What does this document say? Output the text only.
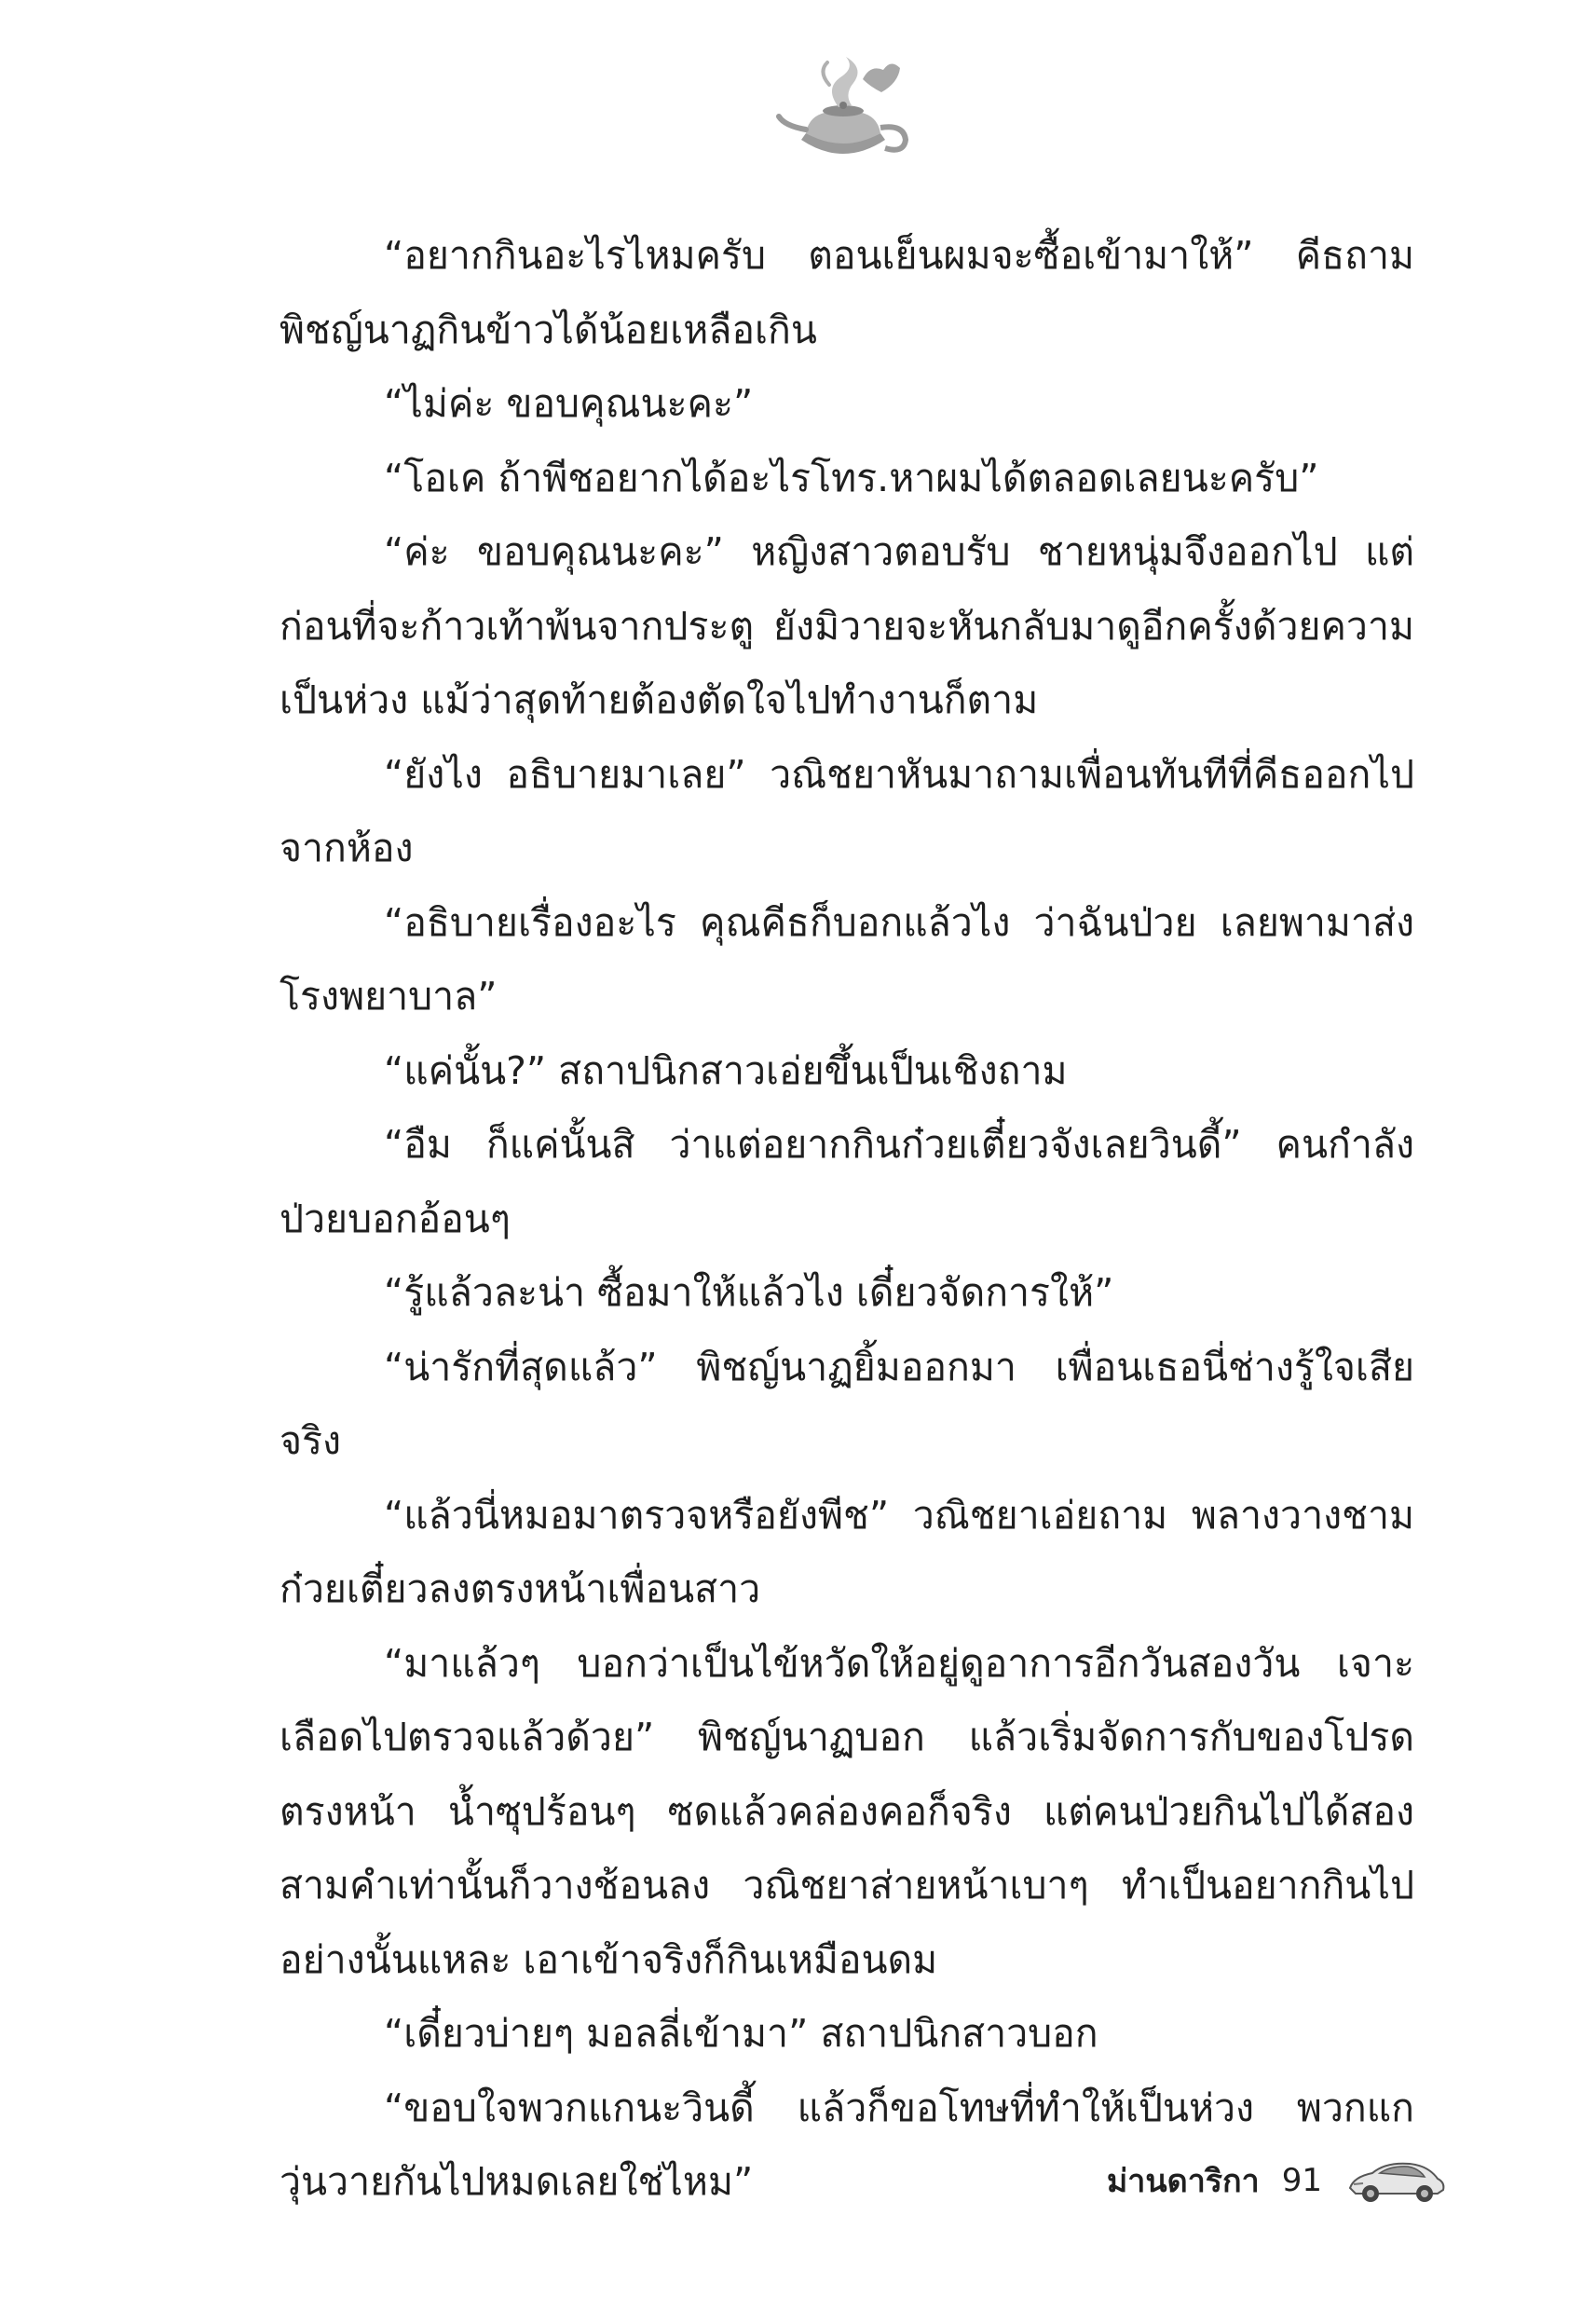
“อยากกินอะไรไหมครับ ตอนเย็นผมจะซื้อเข้ามาให้” คีธถามพิชญ์นาฏกินข้าวได้น้อยเหลือเกิน

“ไม่ค่ะ ขอบคุณนะคะ”

“โอเค ถ้าพีชอยากได้อะไรโทร.หาผมได้ตลอดเลยนะครับ”

“ค่ะ ขอบคุณนะคะ” หญิงสาวตอบรับ ชายหนุ่มจึงออกไป แต่ก่อนที่จะก้าวเท้าพ้นจากประตู ยังมิวายจะหันกลับมาดูอีกครั้งด้วยความเป็นห่วง แม้ว่าสุดท้ายต้องตัดใจไปทำงานก็ตาม

“ยังไง อธิบายมาเลย” วณิชยาหันมาถามเพื่อนทันทีที่คีธออกไปจากห้อง

“อธิบายเรื่องอะไร คุณคีธก็บอกแล้วไง ว่าฉันป่วย เลยพามาส่งโรงพยาบาล”

“แค่นั้น?” สถาปนิกสาวเอ่ยขึ้นเป็นเชิงถาม

“อืม ก็แค่นั้นสิ ว่าแต่อยากกินก๋วยเตี๋ยวจังเลยวินดี้” คนกำลังป่วยบอกอ้อนๆ

“รู้แล้วละน่า ซื้อมาให้แล้วไง เดี๋ยวจัดการให้”

“น่ารักที่สุดแล้ว” พิชญ์นาฏยิ้มออกมา เพื่อนเธอนี่ช่างรู้ใจเสียจริง

“แล้วนี่หมอมาตรวจหรือยังพีช” วณิชยาเอ่ยถาม พลางวางชามก๋วยเตี๋ยวลงตรงหน้าเพื่อนสาว

“มาแล้วๆ บอกว่าเป็นไข้หวัดให้อยู่ดูอาการอีกวันสองวัน เจาะเลือดไปตรวจแล้วด้วย” พิชญ์นาฏบอก แล้วเริ่มจัดการกับของโปรดตรงหน้า น้ำซุปร้อนๆ ซดแล้วคล่องคอก็จริง แต่คนป่วยกินไปได้สองสามคำเท่านั้นก็วางช้อนลง วณิชยาส่ายหน้าเบาๆ ทำเป็นอยากกินไปอย่างนั้นแหละ เอาเข้าจริงก็กินเหมือนดม

“เดี๋ยวบ่ายๆ มอลลี่เข้ามา” สถาปนิกสาวบอก

“ขอบใจพวกแกนะวินดี้ แล้วก็ขอโทษที่ทำให้เป็นห่วง พวกแกวุ่นวายกันไปหมดเลยใช่ไหม”	ม่านดาริกา 91
